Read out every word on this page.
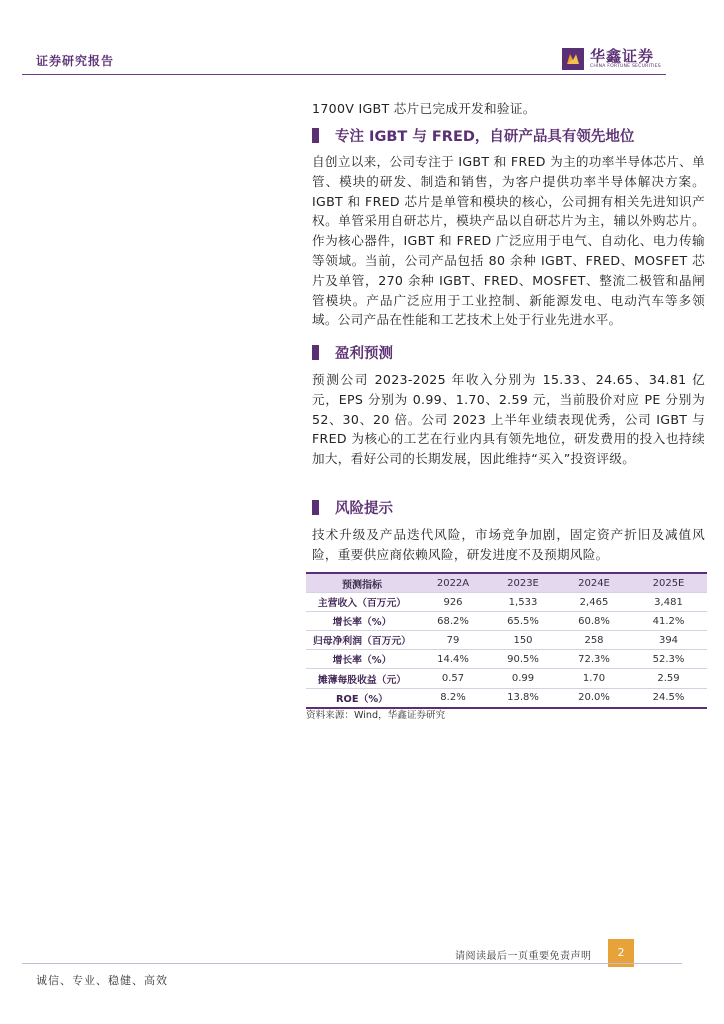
证券研究报告	华鑫证券
CHINA FORTUNE SECURITIES
1700V IGBT 芯片已完成开发和验证。
专注 IGBT 与 FRED，自研产品具有领先地位
自创立以来，公司专注于 IGBT 和 FRED 为主的功率半导体芯片、单管、模块的研发、制造和销售，为客户提供功率半导体解决方案。IGBT 和 FRED 芯片是单管和模块的核心，公司拥有相关先进知识产权。单管采用自研芯片，模块产品以自研芯片为主，辅以外购芯片。作为核心器件，IGBT 和 FRED 广泛应用于电气、自动化、电力传输等领域。当前，公司产品包括 80 余种 IGBT、FRED、MOSFET 芯片及单管，270 余种 IGBT、FRED、MOSFET、整流二极管和晶闸管模块。产品广泛应用于工业控制、新能源发电、电动汽车等多领域。公司产品在性能和工艺技术上处于行业先进水平。
盈利预测
预测公司 2023-2025 年收入分别为 15.33、24.65、34.81 亿元，EPS 分别为 0.99、1.70、2.59 元，当前股价对应 PE 分别为 52、30、20 倍。公司 2023 上半年业绩表现优秀，公司 IGBT 与 FRED 为核心的工艺在行业内具有领先地位，研发费用的投入也持续加大，看好公司的长期发展，因此维持“买入”投资评级。
风险提示
技术升级及产品迭代风险，市场竞争加剧，固定资产折旧及减值风险，重要供应商依赖风险，研发进度不及预期风险。
预测指标	2022A	2023E	2024E	2025E
主营收入（百万元）	926	1,533	2,465	3,481
增长率（%）	68.2%	65.5%	60.8%	41.2%
归母净利润（百万元）	79	150	258	394
增长率（%）	14.4%	90.5%	72.3%	52.3%
摊薄每股收益（元）	0.57	0.99	1.70	2.59
ROE（%）	8.2%	13.8%	20.0%	24.5%
资料来源：Wind，华鑫证券研究
请阅读最后一页重要免责声明	2
诚信、专业、稳健、高效
